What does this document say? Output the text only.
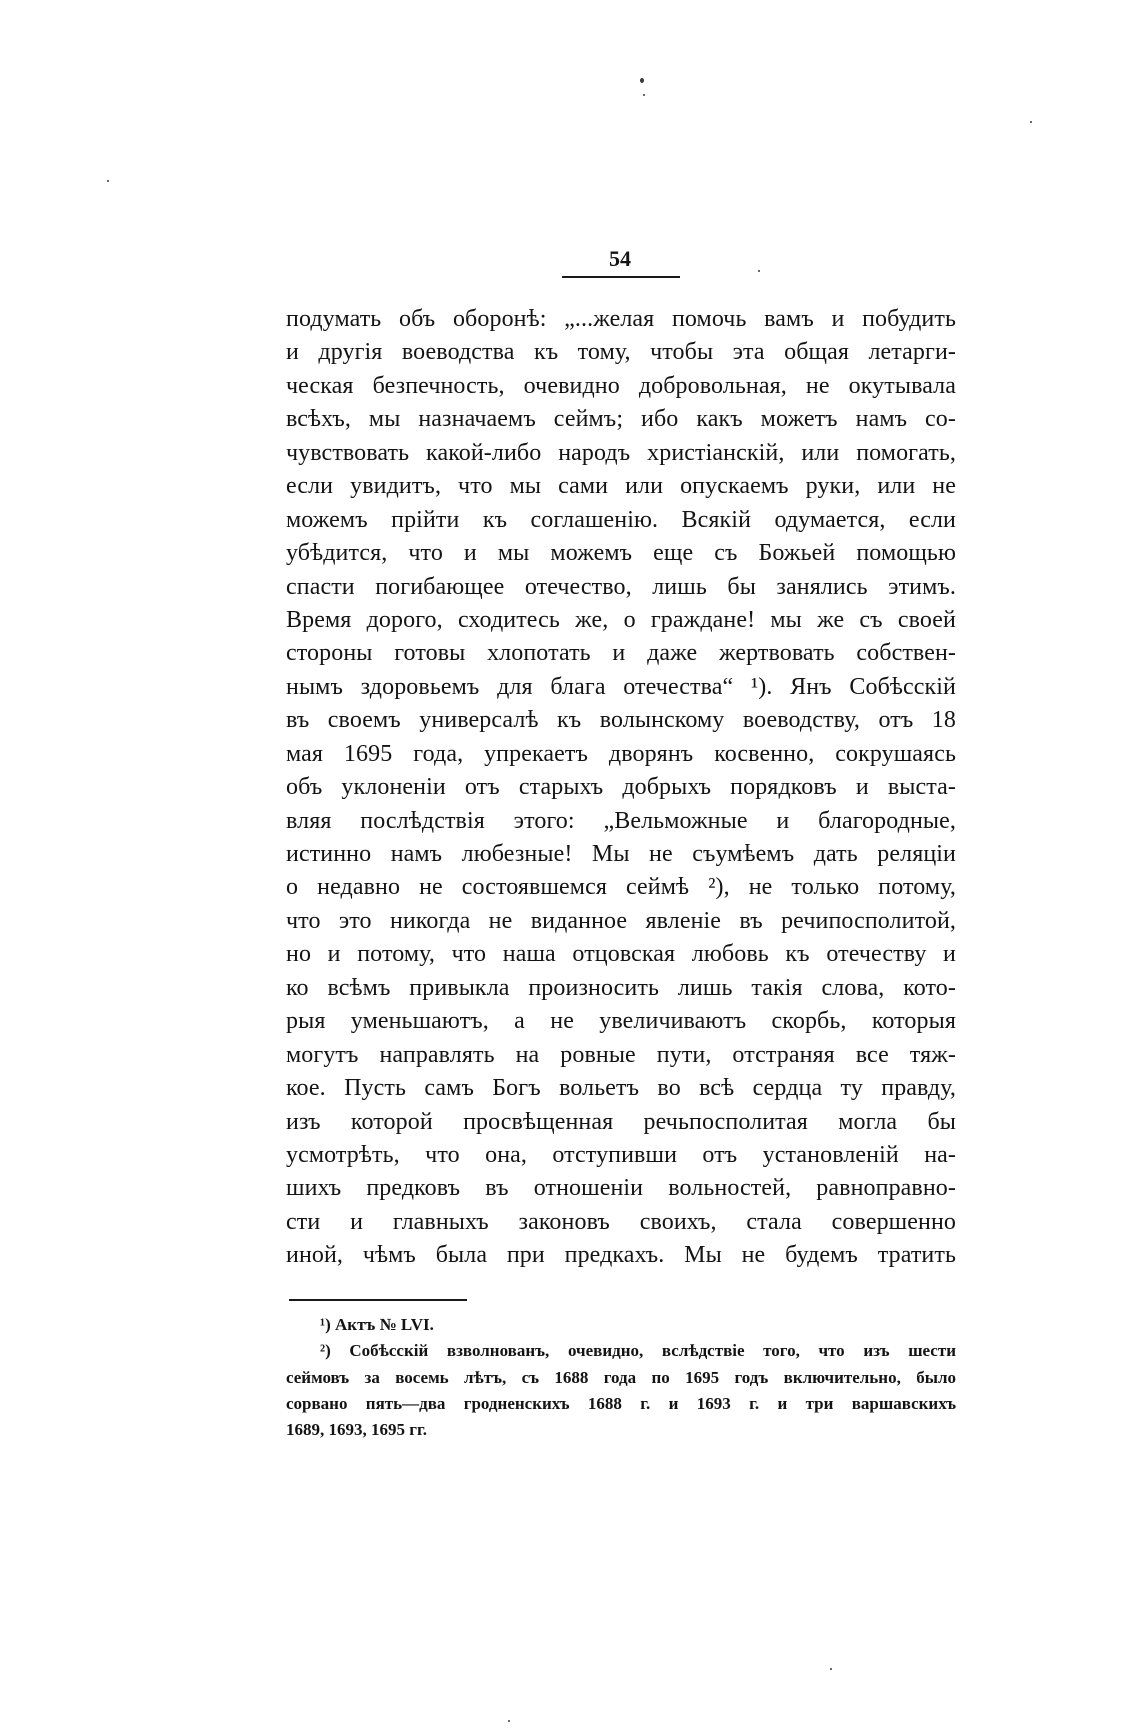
54
подумать объ оборонѣ: „...желая помочь вамъ и побудить
и другія воеводства къ тому, чтобы эта общая летарги-
ческая безпечность, очевидно добровольная, не окутывала
всѣхъ, мы назначаемъ сеймъ; ибо какъ можетъ намъ со-
чувствовать какой-либо народъ христіанскій, или помогать,
если увидитъ, что мы сами или опускаемъ руки, или не
можемъ прійти къ соглашенію. Всякій одумается, если
убѣдится, что и мы можемъ еще съ Божьей помощью
спасти погибающее отечество, лишь бы занялись этимъ.
Время дорого, сходитесь же, о граждане! мы же съ своей
стороны готовы хлопотать и даже жертвовать собствен-
нымъ здоровьемъ для блага отечества“ ¹). Янъ Собѣсскій
въ своемъ универсалѣ къ волынскому воеводству, отъ 18
мая 1695 года, упрекаетъ дворянъ косвенно, сокрушаясь
объ уклоненіи отъ старыхъ добрыхъ порядковъ и выста-
вляя послѣдствія этого: „Вельможные и благородные,
истинно намъ любезные! Мы не съумѣемъ дать реляціи
о недавно не состоявшемся сеймѣ ²), не только потому,
что это никогда не виданное явленіе въ речипосполитой,
но и потому, что наша отцовская любовь къ отечеству и
ко всѣмъ привыкла произносить лишь такія слова, кото-
рыя уменьшаютъ, а не увеличиваютъ скорбь, которыя
могутъ направлять на ровные пути, отстраняя все тяж-
кое. Пусть самъ Богъ вольетъ во всѣ сердца ту правду,
изъ которой просвѣщенная речьпосполитая могла бы
усмотрѣть, что она, отступивши отъ установленій на-
шихъ предковъ въ отношеніи вольностей, равноправно-
сти и главныхъ законовъ своихъ, стала совершенно
иной, чѣмъ была при предкахъ. Мы не будемъ тратить
¹) Актъ № LVI.
²) Собѣсскій взволнованъ, очевидно, вслѣдствіе того, что изъ шести
сеймовъ за восемь лѣтъ, съ 1688 года по 1695 годъ включительно, было
сорвано пять—два гродненскихъ 1688 г. и 1693 г. и три варшавскихъ
1689, 1693, 1695 гг.
